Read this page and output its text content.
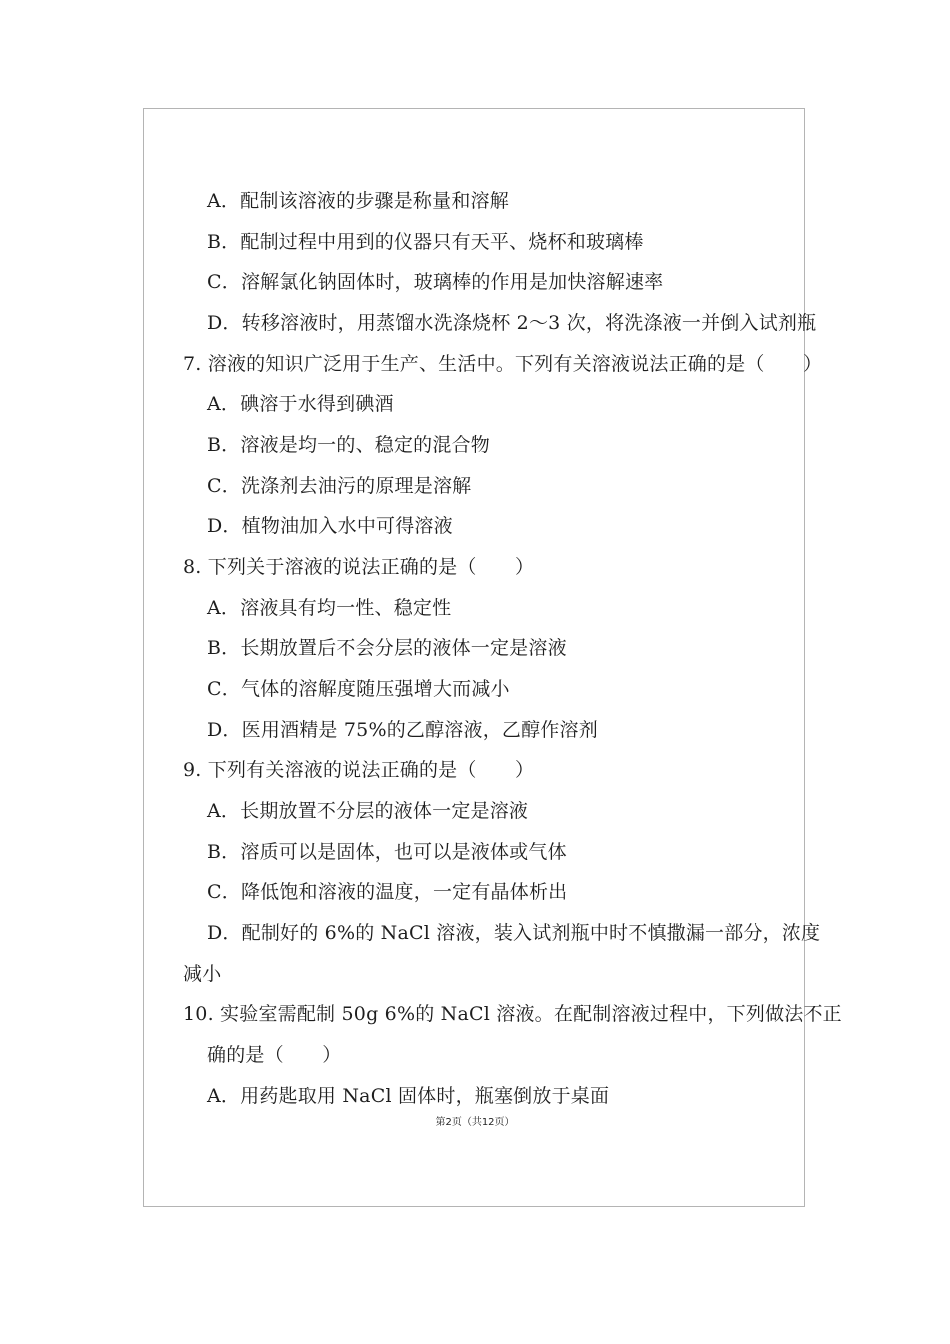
A．配制该溶液的步骤是称量和溶解
B．配制过程中用到的仪器只有天平、烧杯和玻璃棒
C．溶解氯化钠固体时，玻璃棒的作用是加快溶解速率
D．转移溶液时，用蒸馏水洗涤烧杯 2～3 次，将洗涤液一并倒入试剂瓶
7. 溶液的知识广泛用于生产、生活中。下列有关溶液说法正确的是（　　）
A．碘溶于水得到碘酒
B．溶液是均一的、稳定的混合物
C．洗涤剂去油污的原理是溶解
D．植物油加入水中可得溶液
8. 下列关于溶液的说法正确的是（　　）
A．溶液具有均一性、稳定性
B．长期放置后不会分层的液体一定是溶液
C．气体的溶解度随压强增大而减小
D．医用酒精是 75%的乙醇溶液，乙醇作溶剂
9. 下列有关溶液的说法正确的是（　　）
A．长期放置不分层的液体一定是溶液
B．溶质可以是固体，也可以是液体或气体
C．降低饱和溶液的温度，一定有晶体析出
D．配制好的 6%的 NaCl 溶液，装入试剂瓶中时不慎撒漏一部分，浓度
减小
10. 实验室需配制 50g 6%的 NaCl 溶液。在配制溶液过程中，下列做法不正
确的是（　　）
A．用药匙取用 NaCl 固体时，瓶塞倒放于桌面
第2页（共12页）
